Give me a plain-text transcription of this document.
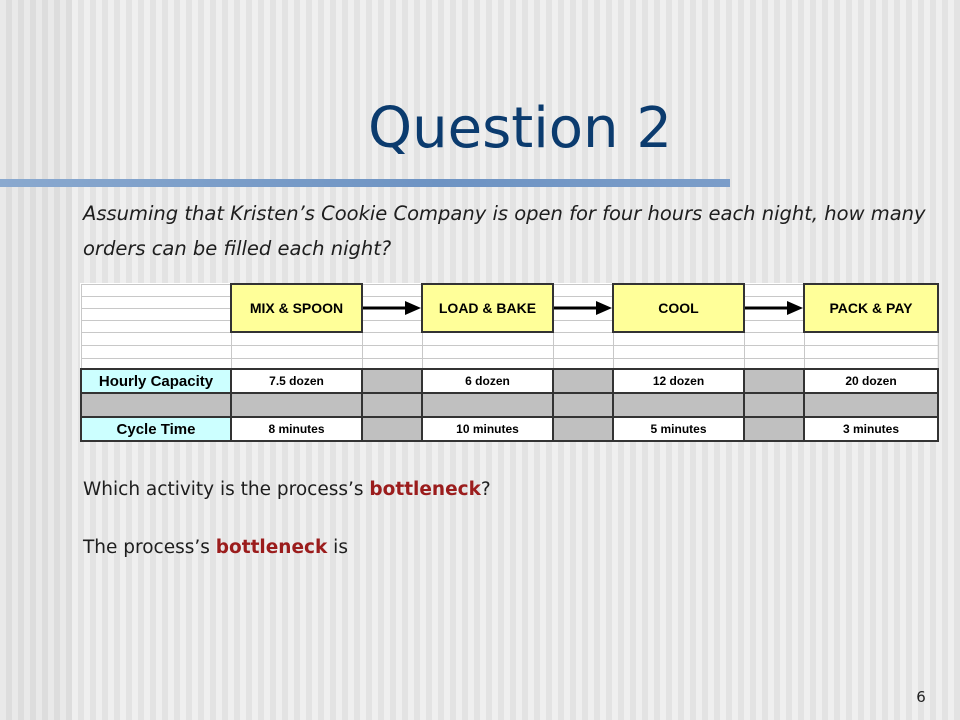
Question 2
Assuming that Kristen’s Cookie Company is open for four hours each night, how many orders can be filled each night?
	MIX & SPOON		LOAD & BAKE		COOL		PACK & PAY

Hourly Capacity	7.5 dozen		6 dozen		12 dozen		20 dozen

Cycle Time	8 minutes		10 minutes		5 minutes		3 minutes
Which activity is the process’s bottleneck?
The process’s bottleneck is
6
